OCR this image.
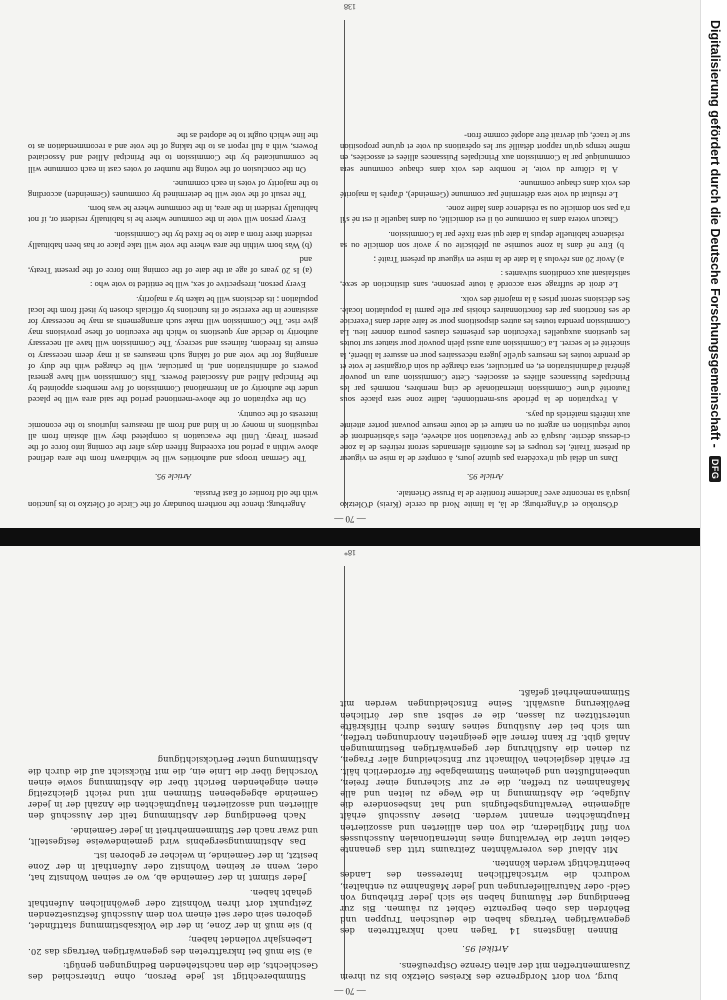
— 70 —

d'Ostrokio et d'Angerburg; de là, la limite Nord du cercle (Kreis) d'Oletzko jusqu'à sa rencontre avec l'ancienne frontière de la Prusse Orientale.

Article 95.

Dans un délai qui n'excédera pas quinze jours, à compter de la mise en vigueur du présent Traité, les troupes et les autorités allemandes seront retirées de la zone ci-dessus décrite. Jusqu'à ce que l'évacuation soit achevée, elles s'abstiendront de toute réquisition en argent ou en nature et de toute mesure pouvant porter atteinte aux intérêts matériels du pays.

A l'expiration de la période sus-mentionnée, ladite zone sera placée sous l'autorité d'une Commission internationale de cinq membres, nommés par les Principales Puissances alliées et associées. Cette Commission aura un pouvoir général d'administration et, en particulier, sera chargée du soin d'organiser le vote et de prendre toutes les mesures qu'elle jugera nécessaires pour en assurer la liberté, la sincérité et le secret. La Commission aura aussi plein pouvoir pour statuer sur toutes les questions auxquelles l'exécution des présentes clauses pourra donner lieu. La Commission prendra toutes les autres dispositions pour se faire aider dans l'exercice de ses fonctions par des fonctionnaires choisis par elle parmi la population locale. Ses décisions seront prises à la majorité des voix.

Le droit de suffrage sera accordé à toute personne, sans distinction de sexe, satisfaisant aux conditions suivantes :

a) Avoir 20 ans révolus à la date de la mise en vigueur du présent Traité ;

b) Etre né dans la zone soumise au plébiscite ou y avoir son domicile ou sa résidence habituelle depuis la date qui sera fixée par la Commission.

Chacun votera dans la commune où il est domicilié, ou dans laquelle il est né s'il n'a pas son domicile ou sa résidence dans ladite zone.

Le résultat du vote sera déterminé par commune (Gemeinde), d'après la majorité des voix dans chaque commune.

A la clôture du vote, le nombre des voix dans chaque commune sera communiqué par la Commission aux Principales Puissances alliées et associées, en même temps qu'un rapport détaillé sur les opérations du vote et qu'une proposition sur le tracé, qui devrait être adopté comme fron-

Angerburg; thence the northern boundary of the Circle of Oletzko to its junction with the old frontier of East Prussia.

Article 95.

The German troops and authorities will be withdrawn from the area defined above within a period not exceeding fifteen days after the coming into force of the present Treaty. Until the evacuation is completed they will abstain from all requisitions in money or in kind and from all measures injurious to the economic interests of the country.

On the expiration of the above-mentioned period the said area will be placed under the authority of an International Commission of five members appointed by the Principal Allied and Associated Powers. This Commission will have general powers of administration and, in particular, will be charged with the duty of arranging for the vote and of taking such measures as it may deem necessary to ensure its freedom, fairness and secrecy. The Commission will have all necessary authority to decide any questions to which the execution of these provisions may give rise. The Commission will make such arrangements as may be necessary for assistance in the exercise of its functions by officials chosen by itself from the local population ; its decisions will be taken by a majority.

Every person, irrespective of sex, will be entitled to vote who :

(a) Is 20 years of age at the date of the coming into force of the present Treaty, and

(b) Was born within the area where the vote will take place or has been habitually resident there from a date to be fixed by the Commission.

Every person will vote in the commune where he is habitually resident or, if not habitually resident in the area, in the commune where he was born.

The result of the vote will be determined by communes (Gemeinden) according to the majority of votes in each commune.

On the conclusion of the voting the number of votes cast in each commune will be communicated by the Commission to the Principal Allied and Associated Powers, with a full report as to the taking of the vote and a recommendation as to the line which ought to be adopted as the

138
— 70 —

burg, von dort Nordgrenze des Kreises Oletzko bis zu ihrem Zusammentreffen mit der alten Grenze Ostpreußens.

Artikel 95.

Binnen längstens 14 Tagen nach Inkrafttreten des gegenwärtigen Vertrags haben die deutschen Truppen und Behörden das oben begrenzte Gebiet zu räumen. Bis zur Beendigung der Räumung haben sie sich jeder Erhebung von Geld- oder Naturallieferungen und jeder Maßnahme zu enthalten, wodurch die wirtschaftlichen Interessen des Landes beeinträchtigt werden könnten.

Mit Ablauf des vorerwähnten Zeitraums tritt das genannte Gebiet unter die Verwaltung eines internationalen Ausschusses von fünf Mitgliedern, die von den alliierten und assoziierten Hauptmächten ernannt werden. Dieser Ausschuß erhält allgemeine Verwaltungsbefugnis und hat insbesondere die Aufgabe, die Abstimmung in die Wege zu leiten und alle Maßnahmen zu treffen, die er zur Sicherung einer freien, unbeeinflußten und geheimen Stimmabgabe für erforderlich hält. Er erhält desgleichen Vollmacht zur Entscheidung aller Fragen, zu denen die Ausführung der gegenwärtigen Bestimmungen Anlaß gibt. Er kann ferner alle geeigneten Anordnungen treffen, um sich bei der Ausübung seines Amtes durch Hilfskräfte unterstützen zu lassen, die er selbst aus der örtlichen Bevölkerung auswählt. Seine Entscheidungen werden mit Stimmenmehrheit gefaßt.

Stimmberechtigt ist jede Person, ohne Unterschied des Geschlechts, die den nachstehenden Bedingungen genügt:

a) Sie muß bei Inkrafttreten des gegenwärtigen Vertrags das 20. Lebensjahr vollendet haben;

b) sie muß in der Zone, in der die Volksabstimmung stattfindet, geboren sein oder seit einem von dem Ausschuß festzusetzenden Zeitpunkt dort ihren Wohnsitz oder gewöhnlichen Aufenthalt gehabt haben.

Jeder stimmt in der Gemeinde ab, wo er seinen Wohnsitz hat, oder, wenn er keinen Wohnsitz oder Aufenthalt in der Zone besitzt, in der Gemeinde, in welcher er geboren ist.

Das Abstimmungsergebnis wird gemeindeweise festgestellt, und zwar nach der Stimmenmehrheit in jeder Gemeinde.

Nach Beendigung der Abstimmung teilt der Ausschuß den alliierten und assoziierten Hauptmächten die Anzahl der in jeder Gemeinde abgegebenen Stimmen mit und reicht gleichzeitig einen eingehenden Bericht über die Abstimmung sowie einen Vorschlag über die Linie ein, die mit Rücksicht auf die durch die Abstimmung unter Berücksichtigung

18*
Digitalisierung gefördert durch die Deutsche Forschungsgemeinschaft -
DFG
